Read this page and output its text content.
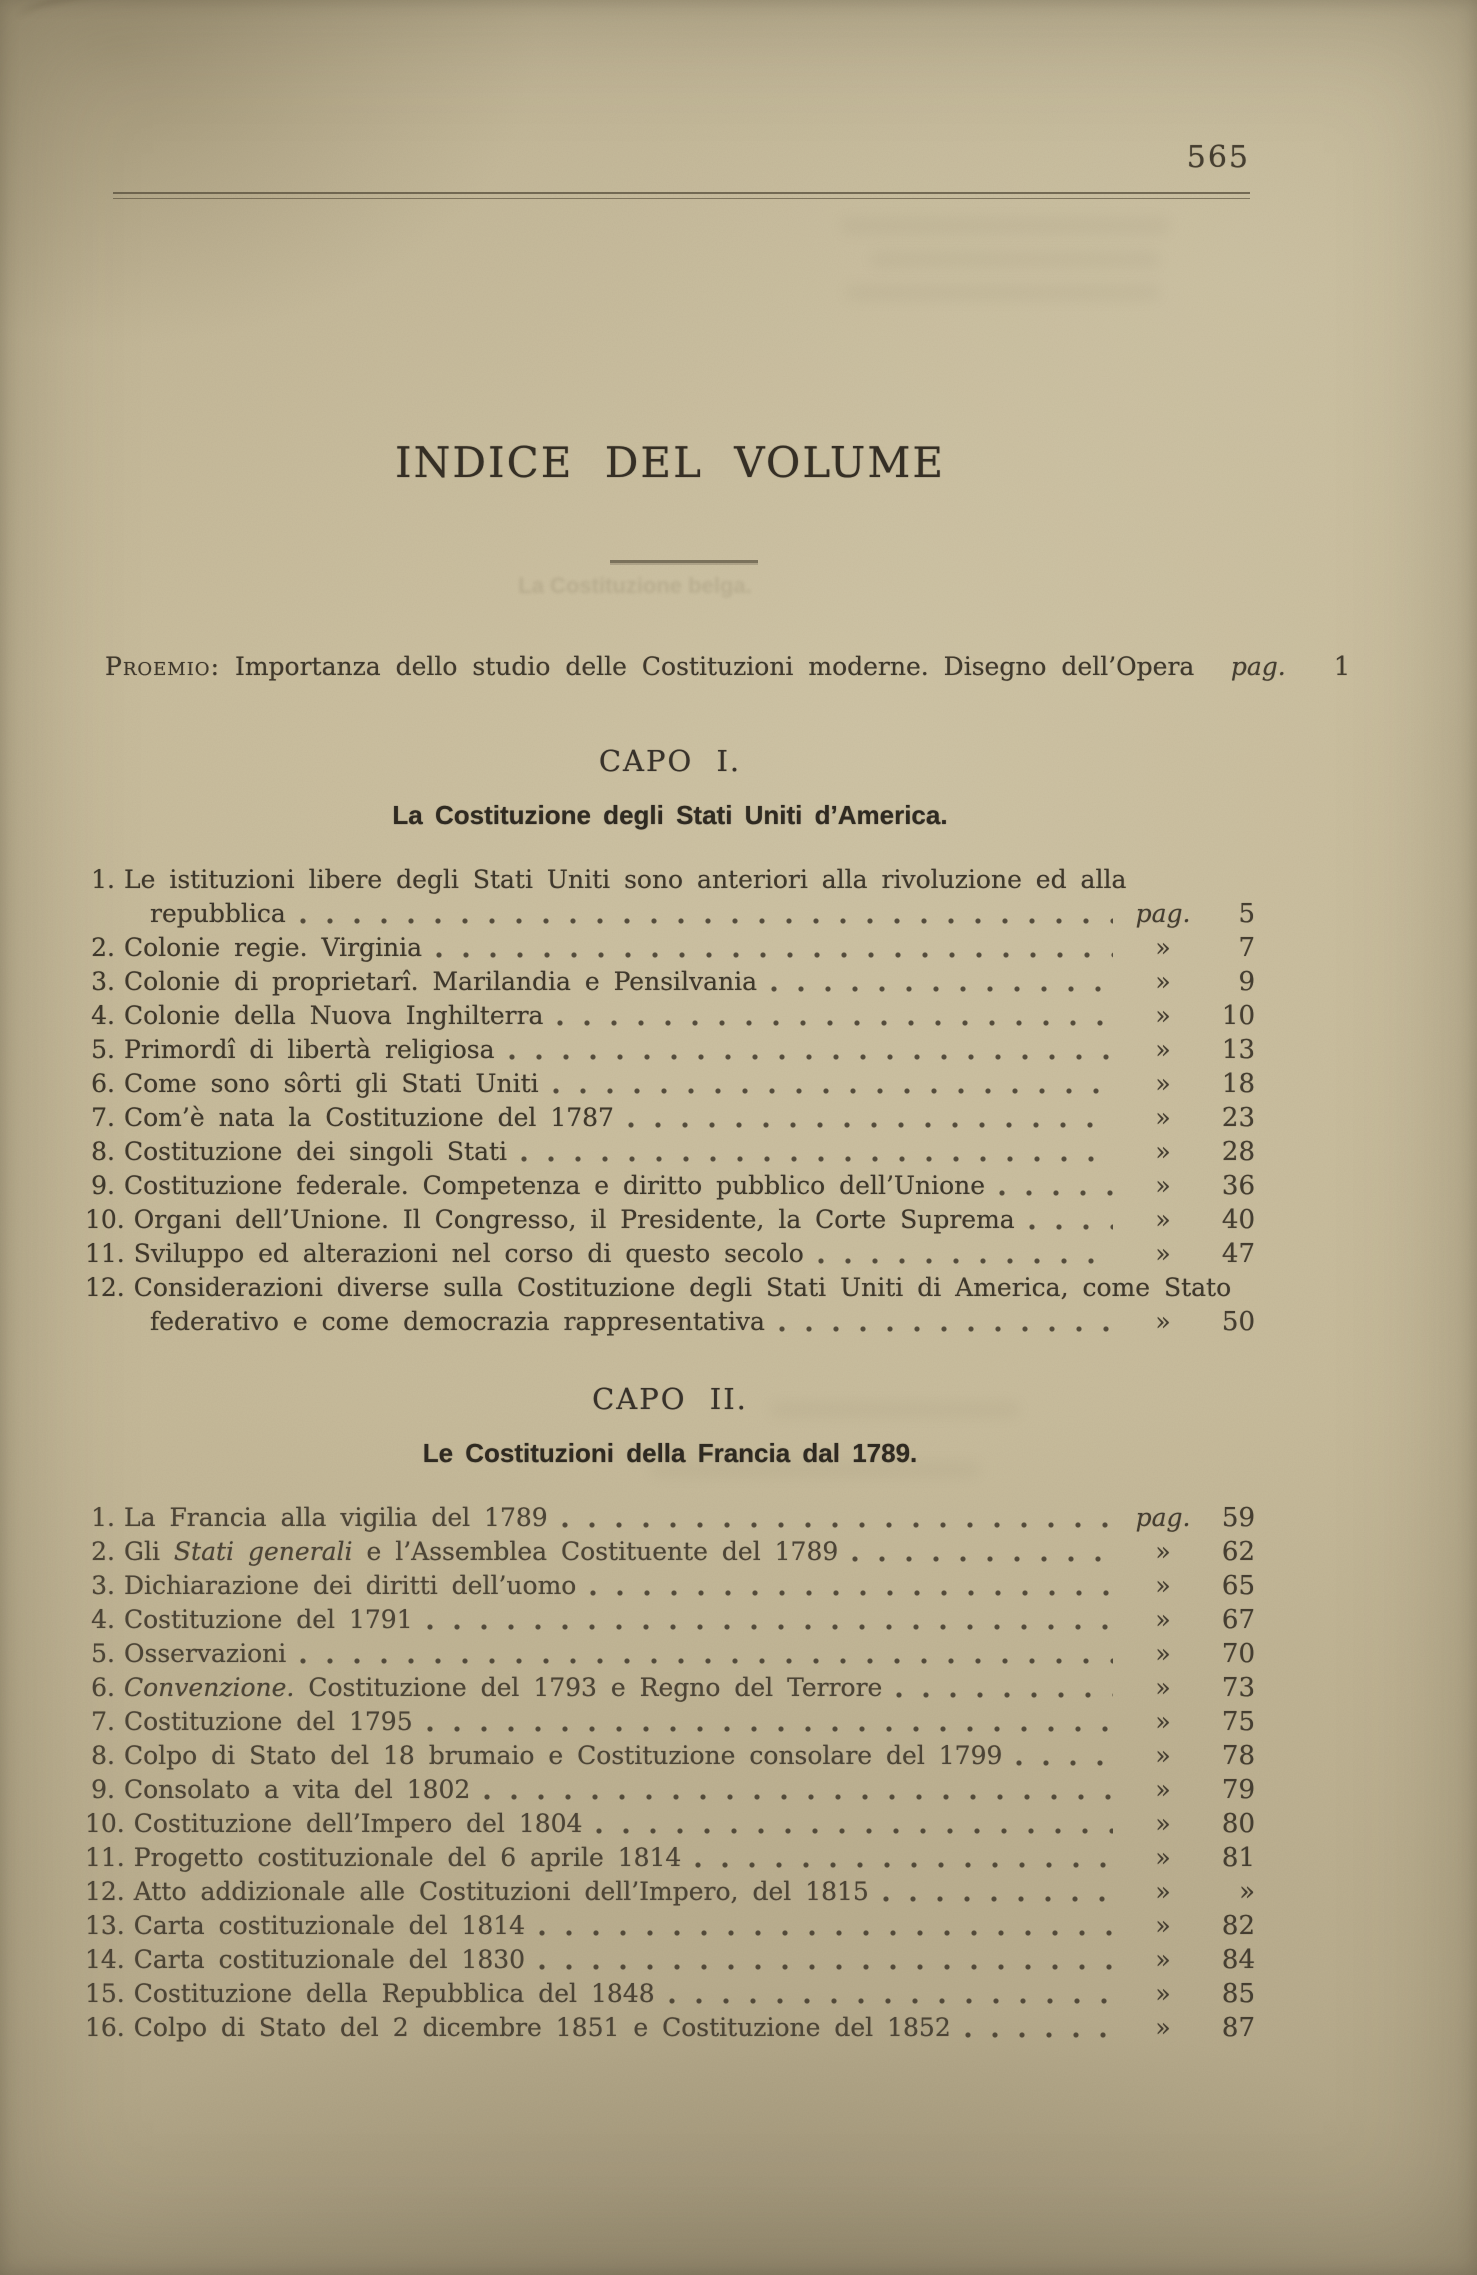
La Costituzione belga.
565
INDICE DEL VOLUME
Proemio: Importanza dello studio delle Costituzioni moderne. Disegno dell’Opera	pag.	1
CAPO I.
La Costituzione degli Stati Uniti d’America.
1. Le istituzioni libere degli Stati Uniti sono anteriori alla rivoluzione ed alla
repubblica	pag.	5
2. Colonie regie. Virginia	»	7
3. Colonie di proprietarî. Marilandia e Pensilvania	»	9
4. Colonie della Nuova Inghilterra	»	10
5. Primordî di libertà religiosa	»	13
6. Come sono sôrti gli Stati Uniti	»	18
7. Com’è nata la Costituzione del 1787	»	23
8. Costituzione dei singoli Stati	»	28
9. Costituzione federale. Competenza e diritto pubblico dell’Unione	»	36
10. Organi dell’Unione. Il Congresso, il Presidente, la Corte Suprema	»	40
11. Sviluppo ed alterazioni nel corso di questo secolo	»	47
12. Considerazioni diverse sulla Costituzione degli Stati Uniti di America, come Stato
federativo e come democrazia rappresentativa	»	50
CAPO II.
Le Costituzioni della Francia dal 1789.
1. La Francia alla vigilia del 1789	pag.	59
2. Gli Stati generali e l’Assemblea Costituente del 1789	»	62
3. Dichiarazione dei diritti dell’uomo	»	65
4. Costituzione del 1791	»	67
5. Osservazioni	»	70
6. Convenzione. Costituzione del 1793 e Regno del Terrore	»	73
7. Costituzione del 1795	»	75
8. Colpo di Stato del 18 brumaio e Costituzione consolare del 1799	»	78
9. Consolato a vita del 1802	»	79
10. Costituzione dell’Impero del 1804	»	80
11. Progetto costituzionale del 6 aprile 1814	»	81
12. Atto addizionale alle Costituzioni dell’Impero, del 1815	»	»
13. Carta costituzionale del 1814	»	82
14. Carta costituzionale del 1830	»	84
15. Costituzione della Repubblica del 1848	»	85
16. Colpo di Stato del 2 dicembre 1851 e Costituzione del 1852	»	87
